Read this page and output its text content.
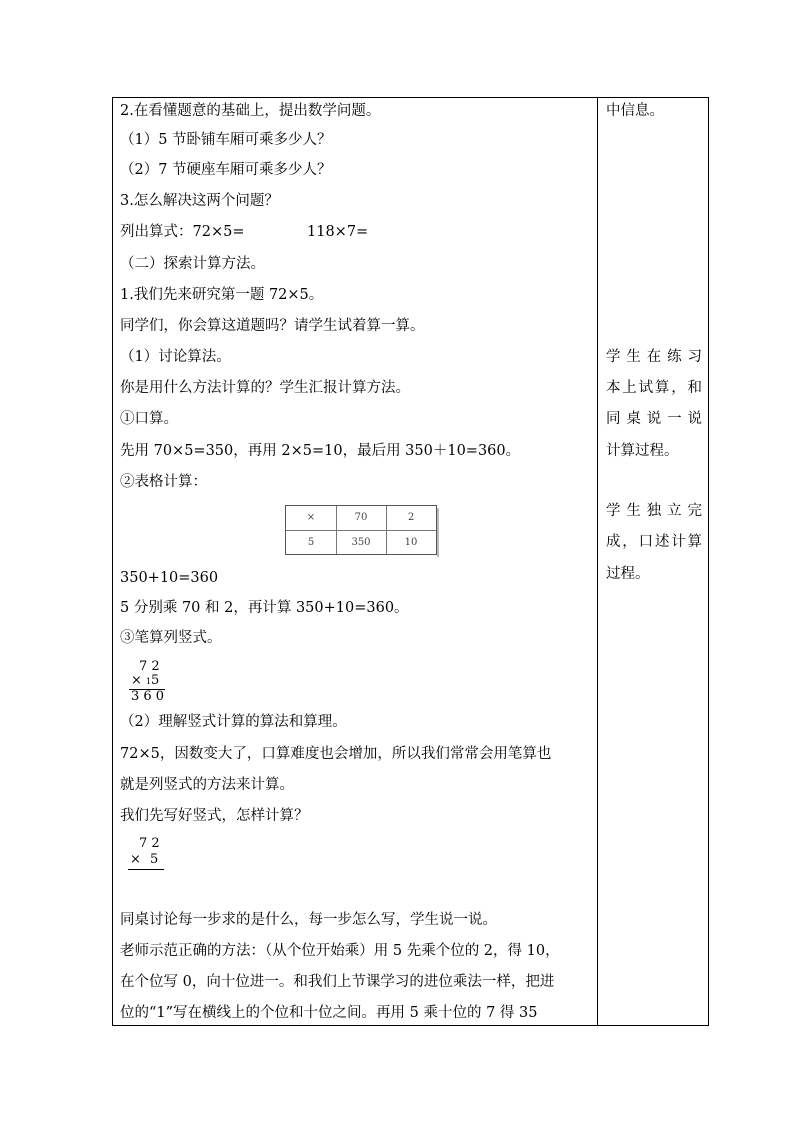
2.在看懂题意的基础上，提出数学问题。
（1）5 节卧铺车厢可乘多少人？
（2）7 节硬座车厢可乘多少人？
3.怎么解决这两个问题？
列出算式：72×5=	118×7=
（二）探索计算方法。
1.我们先来研究第一题 72×5。
同学们，你会算这道题吗？请学生试着算一算。
（1）讨论算法。
你是用什么方法计算的？学生汇报计算方法。
①口算。
先用 70×5=350，再用 2×5=10，最后用 350＋10=360。
②表格计算：
×	70	2
5	350	10
350+10=360
5 分别乘 70 和 2，再计算 350+10=360。
③笔算列竖式。
7 2
× 1 5
3 6 0
（2）理解竖式计算的算法和算理。
72×5，因数变大了，口算难度也会增加，所以我们常常会用笔算也
就是列竖式的方法来计算。
我们先写好竖式，怎样计算？
7 2
× 5
同桌讨论每一步求的是什么，每一步怎么写，学生说一说。
老师示范正确的方法：（从个位开始乘）用 5 先乘个位的 2，得 10，
在个位写 0，向十位进一。和我们上节课学习的进位乘法一样，把进
位的“1”写在横线上的个位和十位之间。再用 5 乘十位的 7 得 35
中信息。
学生在练习
本上试算，和
同桌说一说
计算过程。
学生独立完
成，口述计算
过程。
